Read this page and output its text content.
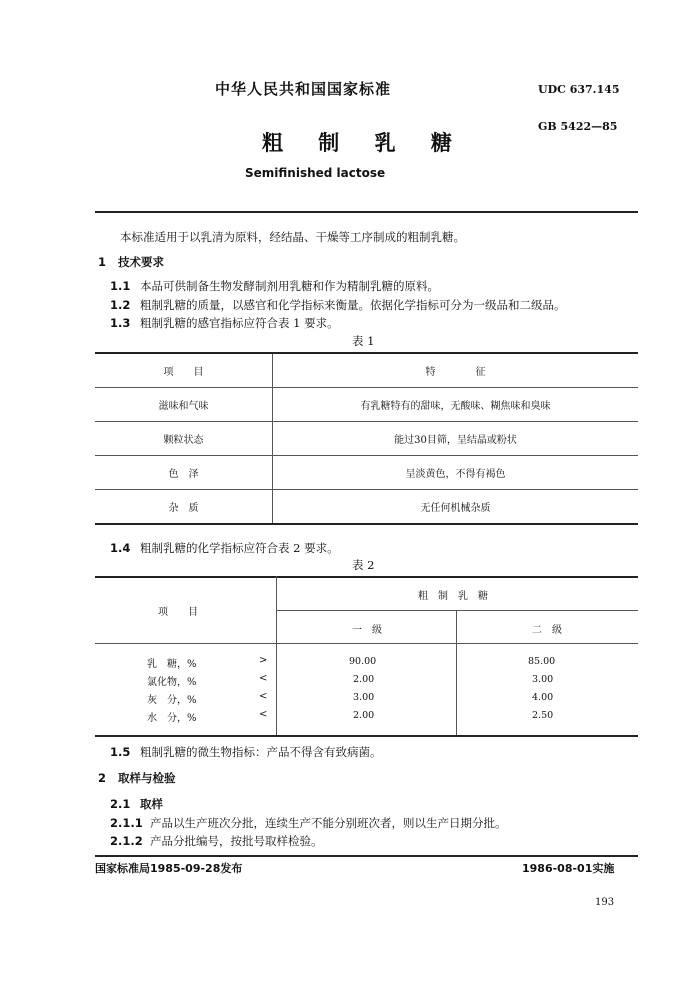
中华人民共和国国家标准	UDC 637.145
粗 制 乳 糖
GB 5422—85
Semifinished lactose
本标准适用于以乳清为原料，经结晶、干燥等工序制成的粗制乳糖。
1 技术要求
1.1 本品可供制备生物发酵制剂用乳糖和作为精制乳糖的原料。
1.2 粗制乳糖的质量，以感官和化学指标来衡量。依据化学指标可分为一级品和二级品。
1.3 粗制乳糖的感官指标应符合表 1 要求。
表 1
项　　目	特　　　　征
滋味和气味	有乳糖特有的甜味，无酸味、糊焦味和臭味
颗粒状态	能过30目筛，呈结晶或粉状
色　泽	呈淡黄色，不得有褐色
杂　质	无任何机械杂质
1.4 粗制乳糖的化学指标应符合表 2 要求。
表 2
项　　目
粗　制　乳　糖
一　级	二　级
乳　糖，%	>	90.00	85.00
氯化物，%	<	2.00	3.00
灰　分，%	<	3.00	4.00
水　分，%	<	2.00	2.50
1.5 粗制乳糖的微生物指标：产品不得含有致病菌。
2 取样与检验
2.1 取样
2.1.1 产品以生产班次分批，连续生产不能分别班次者，则以生产日期分批。
2.1.2 产品分批编号，按批号取样检验。
国家标准局1985-09-28发布	1986-08-01实施
193
